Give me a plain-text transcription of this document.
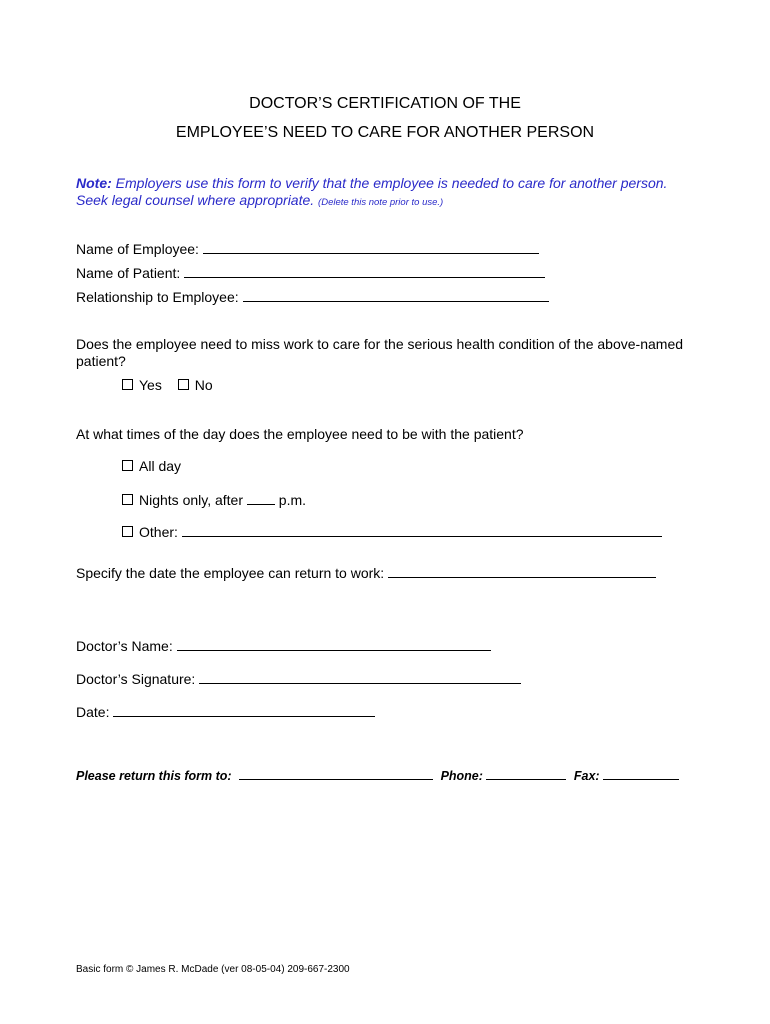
DOCTOR’S CERTIFICATION OF THE
EMPLOYEE’S NEED TO CARE FOR ANOTHER PERSON
Note: Employers use this form to verify that the employee is needed to care for another person.
Seek legal counsel where appropriate. (Delete this note prior to use.)
Name of Employee:
Name of Patient:
Relationship to Employee:
Does the employee need to miss work to care for the serious health condition of the above-named
patient?
Yes No
At what times of the day does the employee need to be with the patient?
All day
Nights only, after	p.m.
Other:
Specify the date the employee can return to work:
Doctor’s Name:
Doctor’s Signature:
Date:
Please return this form to:	Phone:	Fax:
Basic form © James R. McDade (ver 08-05-04) 209-667-2300
